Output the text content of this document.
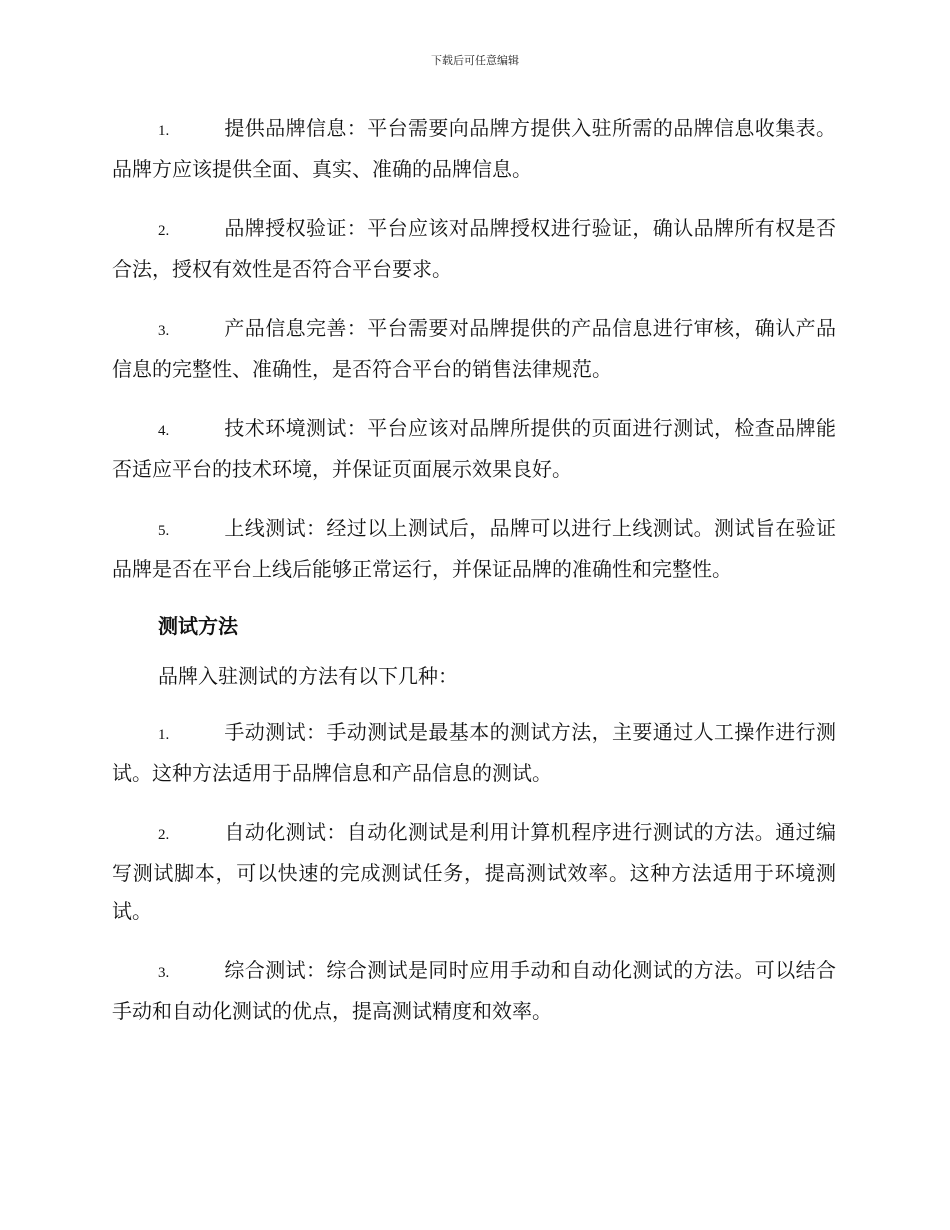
下载后可任意编辑

1.	提供品牌信息：平台需要向品牌方提供入驻所需的品牌信息收集表。品牌方应该提供全面、真实、准确的品牌信息。

2.	品牌授权验证：平台应该对品牌授权进行验证，确认品牌所有权是否合法，授权有效性是否符合平台要求。

3.	产品信息完善：平台需要对品牌提供的产品信息进行审核，确认产品信息的完整性、准确性，是否符合平台的销售法律规范。

4.	技术环境测试：平台应该对品牌所提供的页面进行测试，检查品牌能否适应平台的技术环境，并保证页面展示效果良好。

5.	上线测试：经过以上测试后，品牌可以进行上线测试。测试旨在验证品牌是否在平台上线后能够正常运行，并保证品牌的准确性和完整性。

测试方法
品牌入驻测试的方法有以下几种：

1.	手动测试：手动测试是最基本的测试方法，主要通过人工操作进行测试。这种方法适用于品牌信息和产品信息的测试。

2.	自动化测试：自动化测试是利用计算机程序进行测试的方法。通过编写测试脚本，可以快速的完成测试任务，提高测试效率。这种方法适用于环境测试。

3.	综合测试：综合测试是同时应用手动和自动化测试的方法。可以结合手动和自动化测试的优点，提高测试精度和效率。
